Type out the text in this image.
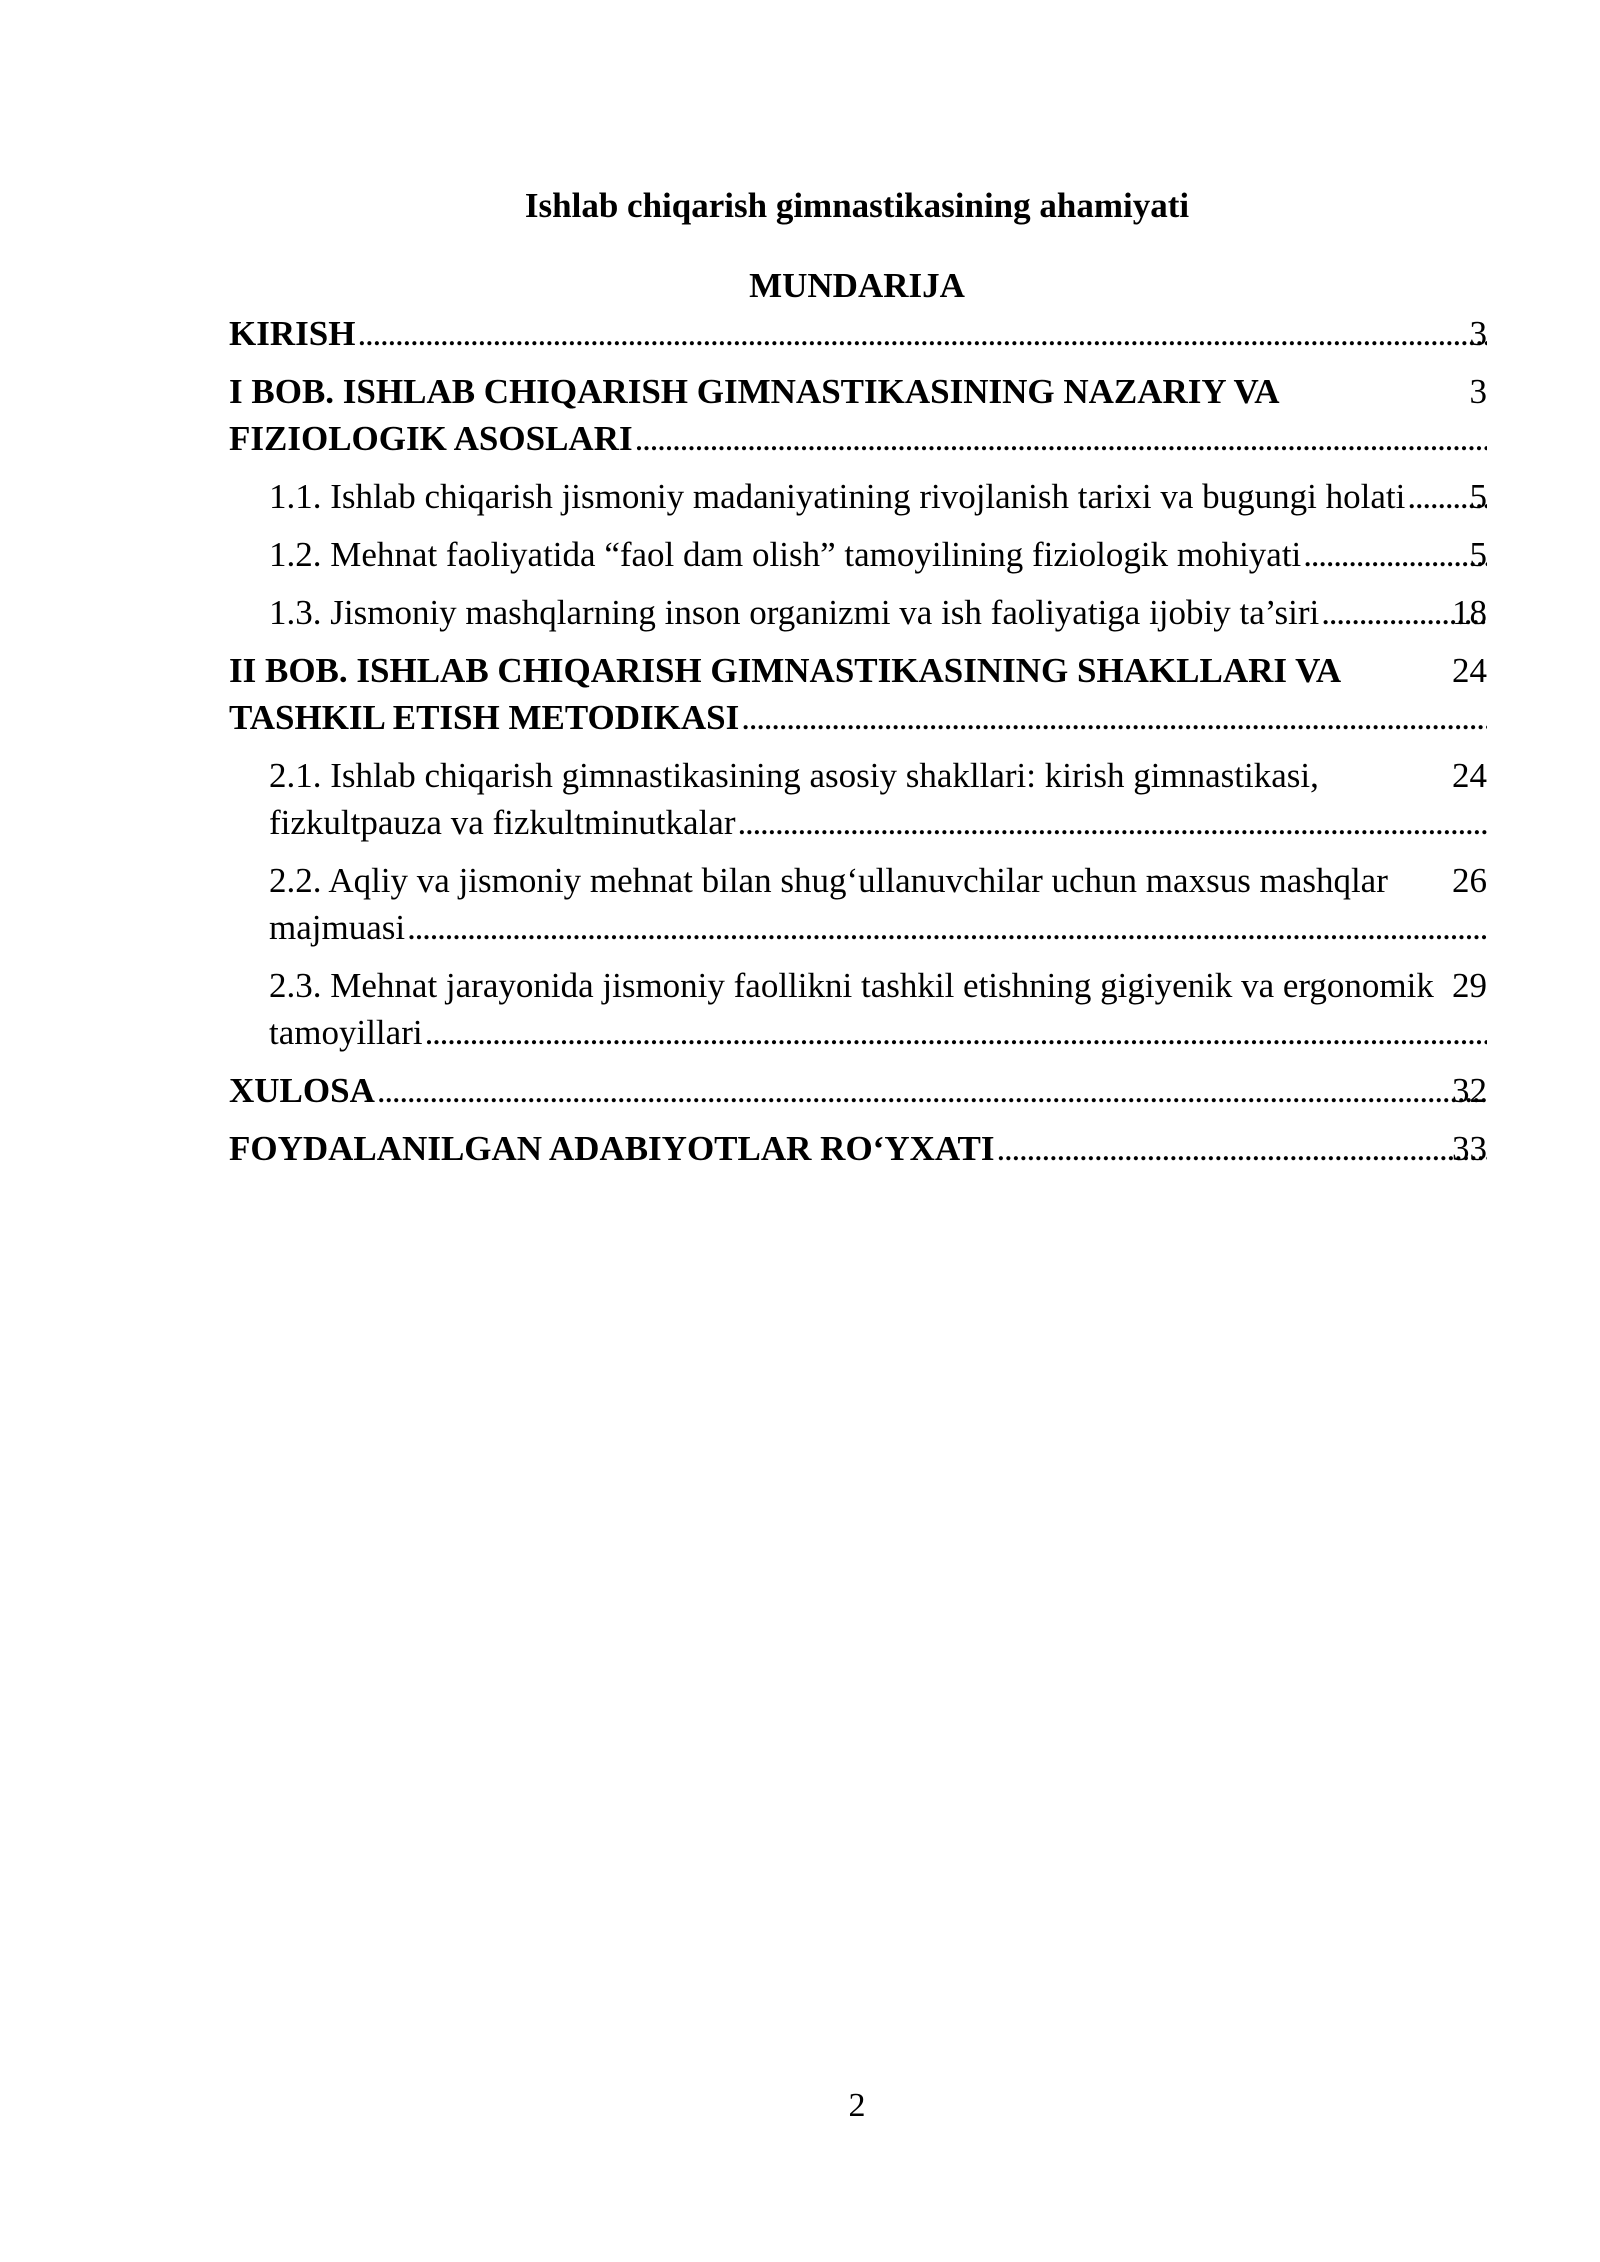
Ishlab chiqarish gimnastikasining ahamiyati
MUNDARIJA
KIRISH . . .
3
I BOB. ISHLAB CHIQARISH GIMNASTIKASINING NAZARIY VA FIZIOLOGIK ASOSLARI . . .
1.1. Ishlab chiqarish jismoniy madaniyatining rivojlanish tarixi va bugungi holati . . .
1.2. Mehnat faoliyatida “faol dam olish” tamoyilining fiziologik mohiyati . . .
1.3. Jismoniy mashqlarning inson organizmi va ish faoliyatiga ijobiy ta’siri . . .
24
II BOB. ISHLAB CHIQARISH GIMNASTIKASINING SHAKLLARI VA TASHKIL ETISH METODIKASI . . .
24
2.1. Ishlab chiqarish gimnastikasining asosiy shakllari: kirish gimnastikasi, fizkultpauza va fizkultminutkalar . . .
26
2.2. Aqliy va jismoniy mehnat bilan shug‘ullanuvchilar uchun maxsus mashqlar majmuasi . . .
29
2.3. Mehnat jarayonida jismoniy faollikni tashkil etishning gigiyenik va ergonomik tamoyillari . . .
XULOSA . . .
FOYDALANILGAN ADABIYOTLAR RO‘YXATI . . .
2
